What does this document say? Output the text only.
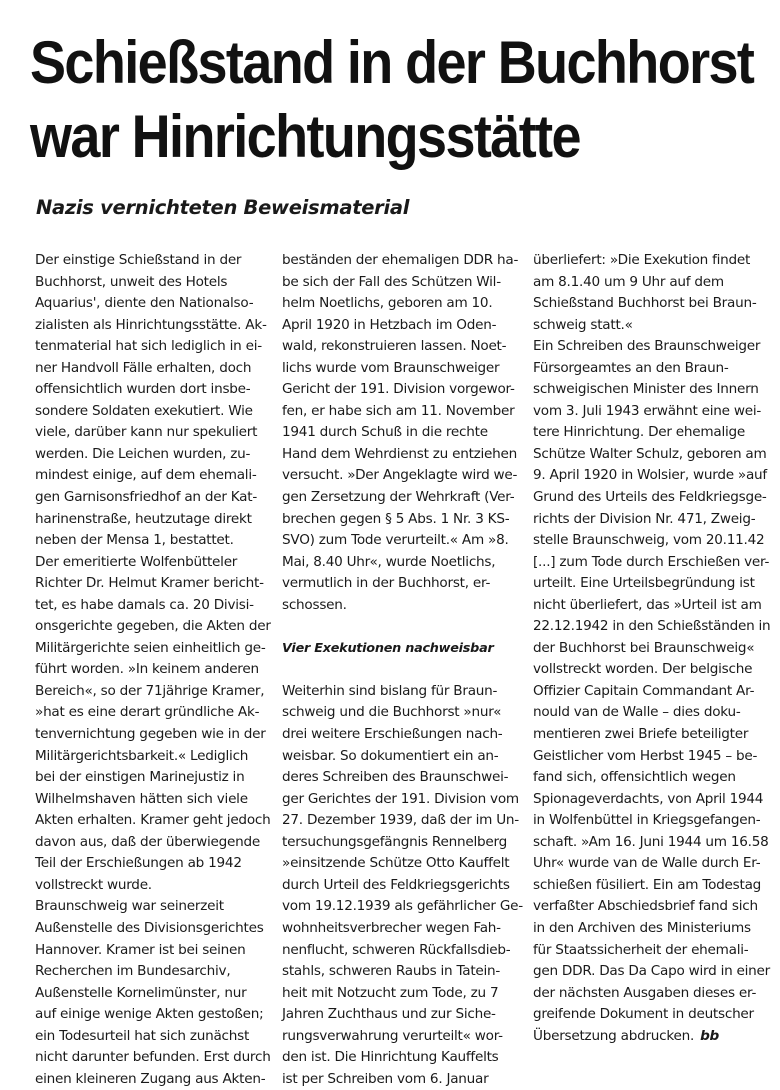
Schießstand in der Buchhorst
war Hinrichtungsstätte
Nazis vernichteten Beweismaterial
Der einstige Schießstand in der
Buchhorst, unweit des Hotels
Aquarius', diente den Nationalso-
zialisten als Hinrichtungsstätte. Ak-
tenmaterial hat sich lediglich in ei-
ner Handvoll Fälle erhalten, doch
offensichtlich wurden dort insbe-
sondere Soldaten exekutiert. Wie
viele, darüber kann nur spekuliert
werden. Die Leichen wurden, zu-
mindest einige, auf dem ehemali-
gen Garnisonsfriedhof an der Kat-
harinenstraße, heutzutage direkt
neben der Mensa 1, bestattet.
Der emeritierte Wolfenbütteler
Richter Dr. Helmut Kramer bericht-
tet, es habe damals ca. 20 Divisi-
onsgerichte gegeben, die Akten der
Militärgerichte seien einheitlich ge-
führt worden. »In keinem anderen
Bereich«, so der 71jährige Kramer,
»hat es eine derart gründliche Ak-
tenvernichtung gegeben wie in der
Militärgerichtsbarkeit.« Lediglich
bei der einstigen Marinejustiz in
Wilhelmshaven hätten sich viele
Akten erhalten. Kramer geht jedoch
davon aus, daß der überwiegende
Teil der Erschießungen ab 1942
vollstreckt wurde.
Braunschweig war seinerzeit
Außenstelle des Divisionsgerichtes
Hannover. Kramer ist bei seinen
Recherchen im Bundesarchiv,
Außenstelle Kornelimünster, nur
auf einige wenige Akten gestoßen;
ein Todesurteil hat sich zunächst
nicht darunter befunden. Erst durch
einen kleineren Zugang aus Akten-
beständen der ehemaligen DDR ha-
be sich der Fall des Schützen Wil-
helm Noetlichs, geboren am 10.
April 1920 in Hetzbach im Oden-
wald, rekonstruieren lassen. Noet-
lichs wurde vom Braunschweiger
Gericht der 191. Division vorgewor-
fen, er habe sich am 11. November
1941 durch Schuß in die rechte
Hand dem Wehrdienst zu entziehen
versucht. »Der Angeklagte wird we-
gen Zersetzung der Wehrkraft (Ver-
brechen gegen § 5 Abs. 1 Nr. 3 KS-
SVO) zum Tode verurteilt.« Am »8.
Mai, 8.40 Uhr«, wurde Noetlichs,
vermutlich in der Buchhorst, er-
schossen.
Vier Exekutionen nachweisbar
Weiterhin sind bislang für Braun-
schweig und die Buchhorst »nur«
drei weitere Erschießungen nach-
weisbar. So dokumentiert ein an-
deres Schreiben des Braunschwei-
ger Gerichtes der 191. Division vom
27. Dezember 1939, daß der im Un-
tersuchungsgefängnis Rennelberg
»einsitzende Schütze Otto Kauffelt
durch Urteil des Feldkriegsgerichts
vom 19.12.1939 als gefährlicher Ge-
wohnheitsverbrecher wegen Fah-
nenflucht, schweren Rückfallsdieb-
stahls, schweren Raubs in Tatein-
heit mit Notzucht zum Tode, zu 7
Jahren Zuchthaus und zur Siche-
rungsverwahrung verurteilt« wor-
den ist. Die Hinrichtung Kauffelts
ist per Schreiben vom 6. Januar
überliefert: »Die Exekution findet
am 8.1.40 um 9 Uhr auf dem
Schießstand Buchhorst bei Braun-
schweig statt.«
Ein Schreiben des Braunschweiger
Fürsorgeamtes an den Braun-
schweigischen Minister des Innern
vom 3. Juli 1943 erwähnt eine wei-
tere Hinrichtung. Der ehemalige
Schütze Walter Schulz, geboren am
9. April 1920 in Wolsier, wurde »auf
Grund des Urteils des Feldkriegsge-
richts der Division Nr. 471, Zweig-
stelle Braunschweig, vom 20.11.42
[...] zum Tode durch Erschießen ver-
urteilt. Eine Urteilsbegründung ist
nicht überliefert, das »Urteil ist am
22.12.1942 in den Schießständen in
der Buchhorst bei Braunschweig«
vollstreckt worden. Der belgische
Offizier Capitain Commandant Ar-
nould van de Walle – dies doku-
mentieren zwei Briefe beteiligter
Geistlicher vom Herbst 1945 – be-
fand sich, offensichtlich wegen
Spionageverdachts, von April 1944
in Wolfenbüttel in Kriegsgefangen-
schaft. »Am 16. Juni 1944 um 16.58
Uhr« wurde van de Walle durch Er-
schießen füsiliert. Ein am Todestag
verfaßter Abschiedsbrief fand sich
in den Archiven des Ministeriums
für Staatssicherheit der ehemali-
gen DDR. Das Da Capo wird in einer
der nächsten Ausgaben dieses er-
greifende Dokument in deutscher
Übersetzung abdrucken. bb
